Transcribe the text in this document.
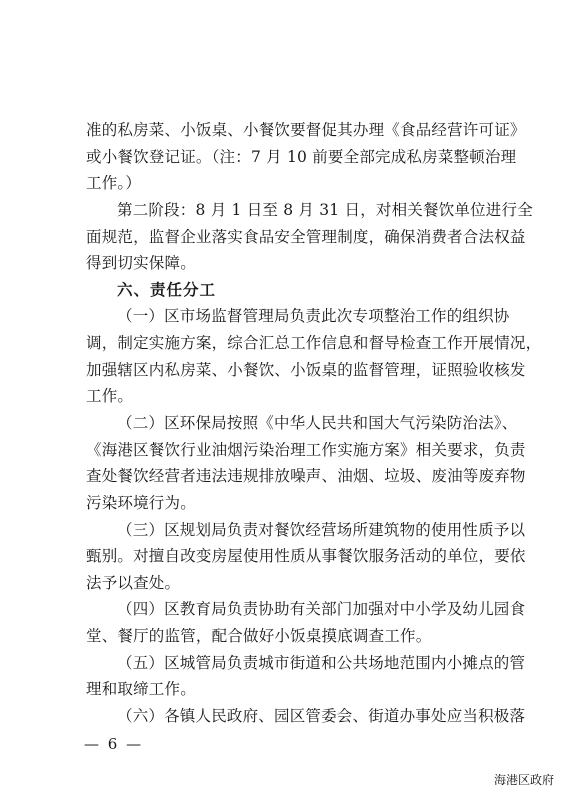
准的私房菜、小饭桌、小餐饮要督促其办理《食品经营许可证》
或小餐饮登记证。（注：7 月 10 前要全部完成私房菜整顿治理
工作。）
第二阶段：8 月 1 日至 8 月 31 日，对相关餐饮单位进行全
面规范，监督企业落实食品安全管理制度，确保消费者合法权益
得到切实保障。
六、责任分工
（一）区市场监督管理局负责此次专项整治工作的组织协
调，制定实施方案，综合汇总工作信息和督导检查工作开展情况，
加强辖区内私房菜、小餐饮、小饭桌的监督管理，证照验收核发
工作。
（二）区环保局按照《中华人民共和国大气污染防治法》、
《海港区餐饮行业油烟污染治理工作实施方案》相关要求，负责
查处餐饮经营者违法违规排放噪声、油烟、垃圾、废油等废弃物
污染环境行为。
（三）区规划局负责对餐饮经营场所建筑物的使用性质予以
甄别。对擅自改变房屋使用性质从事餐饮服务活动的单位，要依
法予以查处。
（四）区教育局负责协助有关部门加强对中小学及幼儿园食
堂、餐厅的监管，配合做好小饭桌摸底调查工作。
（五）区城管局负责城市街道和公共场地范围内小摊点的管
理和取缔工作。
（六）各镇人民政府、园区管委会、街道办事处应当积极落
— 6 —
海港区政府
